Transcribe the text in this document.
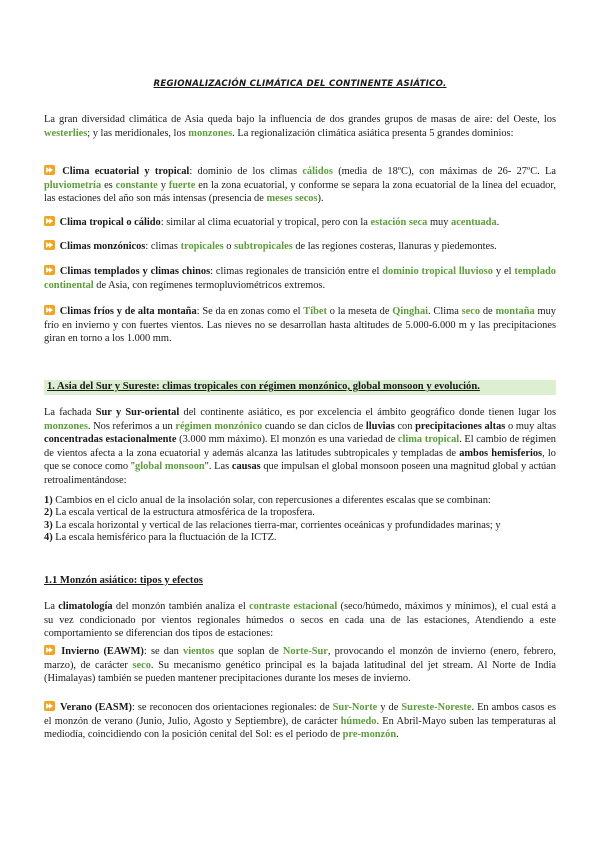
REGIONALIZACIÓN CLIMÁTICA DEL CONTINENTE ASIÁTICO.
La gran diversidad climática de Asia queda bajo la influencia de dos grandes grupos de masas de aire: del Oeste, los westerlies; y las meridionales, los monzones. La regionalización climática asiática presenta 5 grandes dominios:
Clima ecuatorial y tropical: dominio de los climas cálidos (media de 18ºC), con máximas de 26- 27ºC. La pluviometría es constante y fuerte en la zona ecuatorial, y conforme se separa la zona ecuatorial de la línea del ecuador, las estaciones del año son más intensas (presencia de meses secos).
Clima tropical o cálido: similar al clima ecuatorial y tropical, pero con la estación seca muy acentuada.
Climas monzónicos: climas tropicales o subtropicales de las regiones costeras, llanuras y piedemontes.
Climas templados y climas chinos: climas regionales de transición entre el dominio tropical lluvioso y el templado continental de Asia, con regímenes termopluviométricos extremos.
Climas fríos y de alta montaña: Se da en zonas como el Tíbet o la meseta de Qinghai. Clima seco de montaña muy frío en invierno y con fuertes vientos. Las nieves no se desarrollan hasta altitudes de 5.000-6.000 m y las precipitaciones giran en torno a los 1.000 mm.
1. Asia del Sur y Sureste: climas tropicales con régimen monzónico, global monsoon y evolución.
La fachada Sur y Sur-oriental del continente asiático, es por excelencia el ámbito geográfico donde tienen lugar los monzones. Nos referimos a un régimen monzónico cuando se dan ciclos de lluvias con precipitaciones altas o muy altas concentradas estacionalmente (3.000 mm máximo). El monzón es una variedad de clima tropical. El cambio de régimen de vientos afecta a la zona ecuatorial y además alcanza las latitudes subtropicales y templadas de ambos hemisferios, lo que se conoce como "global monsoon". Las causas que impulsan el global monsoon poseen una magnitud global y actúan retroalimentándose:
1) Cambios en el ciclo anual de la insolación solar, con repercusiones a diferentes escalas que se combinan:
2) La escala vertical de la estructura atmosférica de la troposfera.
3) La escala horizontal y vertical de las relaciones tierra-mar, corrientes oceánicas y profundidades marinas; y
4) La escala hemisférico para la fluctuación de la ICTZ.
1.1 Monzón asiático: tipos y efectos
La climatología del monzón también analiza el contraste estacional (seco/húmedo, máximos y mínimos), el cual está a su vez condicionado por vientos regionales húmedos o secos en cada una de las estaciones, Atendiendo a este comportamiento se diferencian dos tipos de estaciones:
Invierno (EAWM): se dan vientos que soplan de Norte-Sur, provocando el monzón de invierno (enero, febrero, marzo), de carácter seco. Su mecanismo genético principal es la bajada latitudinal del jet stream. Al Norte de India (Himalayas) también se pueden mantener precipitaciones durante los meses de invierno.
Verano (EASM): se reconocen dos orientaciones regionales: de Sur-Norte y de Sureste-Noreste. En ambos casos es el monzón de verano (Junio, Julio, Agosto y Septiembre), de carácter húmedo. En Abril-Mayo suben las temperaturas al mediodía, coincidiendo con la posición cenital del Sol: es el periodo de pre-monzón.
